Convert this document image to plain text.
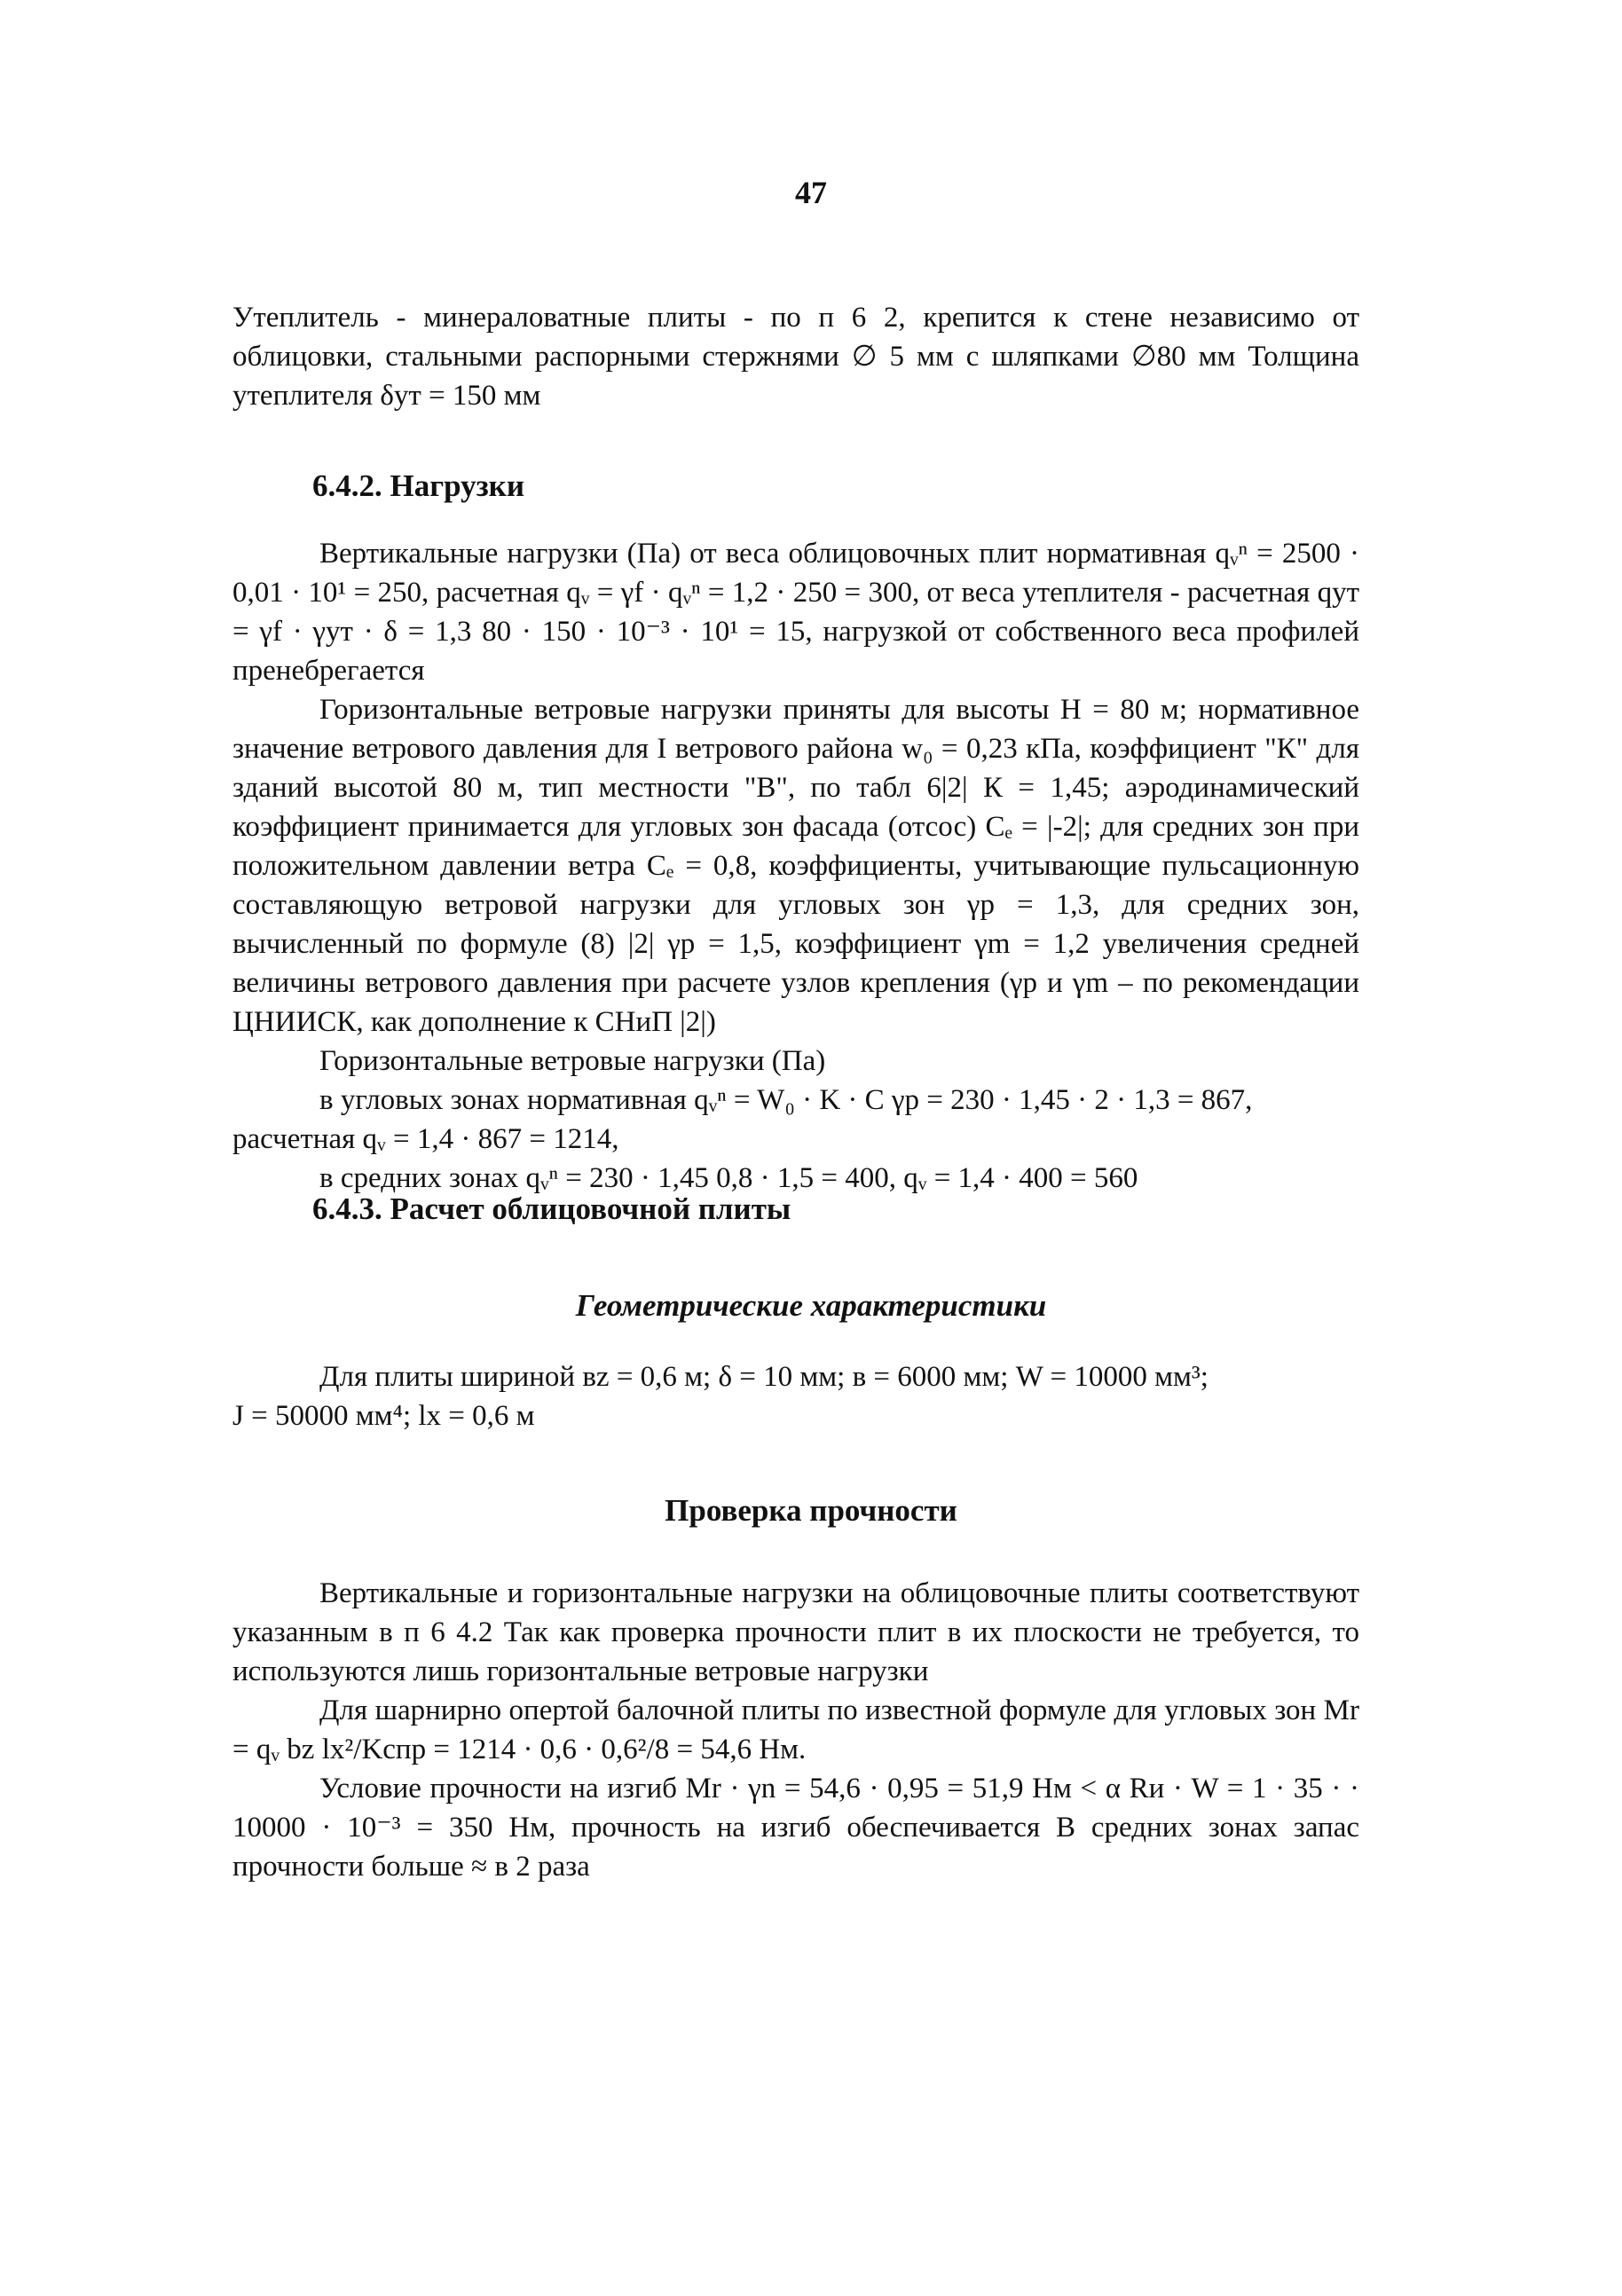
47

Утеплитель - минераловатные плиты - по п 6 2, крепится к стене независимо от облицовки, стальными распорными стержнями ∅ 5 мм с шляпками ∅80 мм Толщина утеплителя δут = 150 мм

6.4.2. Нагрузки

Вертикальные нагрузки (Па) от веса облицовочных плит нормативная qᵥⁿ = 2500 · 0,01 · 10¹ = 250, расчетная qᵥ = γf · qᵥⁿ = 1,2 · 250 = 300, от веса утеплителя - расчетная qут = γf · γут · δ = 1,3 80 · 150 · 10⁻³ · 10¹ = 15, нагрузкой от собственного веса профилей пренебрегается

Горизонтальные ветровые нагрузки приняты для высоты H = 80 м; нормативное значение ветрового давления для I ветрового района w₀ = 0,23 кПа, коэффициент "К" для зданий высотой 80 м, тип местности "В", по табл 6|2| К = 1,45; аэродинамический коэффициент принимается для угловых зон фасада (отсос) Cₑ = |-2|; для средних зон при положительном давлении ветра Cₑ = 0,8, коэффициенты, учитывающие пульсационную составляющую ветровой нагрузки для угловых зон γp = 1,3, для средних зон, вычисленный по формуле (8) |2| γp = 1,5, коэффициент γm = 1,2 увеличения средней величины ветрового давления при расчете узлов крепления (γp и γm – по рекомендации ЦНИИСК, как дополнение к СНиП |2|)

Горизонтальные ветровые нагрузки (Па)

в угловых зонах нормативная qᵥⁿ = W₀ · K · C γp = 230 · 1,45 · 2 · 1,3 = 867,

расчетная qᵥ = 1,4 · 867 = 1214,

в средних зонах qᵥⁿ = 230 · 1,45 0,8 · 1,5 = 400, qᵥ = 1,4 · 400 = 560

6.4.3. Расчет облицовочной плиты

Геометрические характеристики

Для плиты шириной вz = 0,6 м; δ = 10 мм; в = 6000 мм; W = 10000 мм³;

J = 50000 мм⁴; lx = 0,6 м

Проверка прочности

Вертикальные и горизонтальные нагрузки на облицовочные плиты соответствуют указанным в п 6 4.2 Так как проверка прочности плит в их плоскости не требуется, то используются лишь горизонтальные ветровые нагрузки

Для шарнирно опертой балочной плиты по известной формуле для угловых зон Mr = qᵥ bz lx²/Kспр = 1214 · 0,6 · 0,6²/8 = 54,6 Нм.

Условие прочности на изгиб Mr · γn = 54,6 · 0,95 = 51,9 Нм < α Rи · W = 1 · 35 · · 10000 · 10⁻³ = 350 Нм, прочность на изгиб обеспечивается В средних зонах запас прочности больше ≈ в 2 раза
